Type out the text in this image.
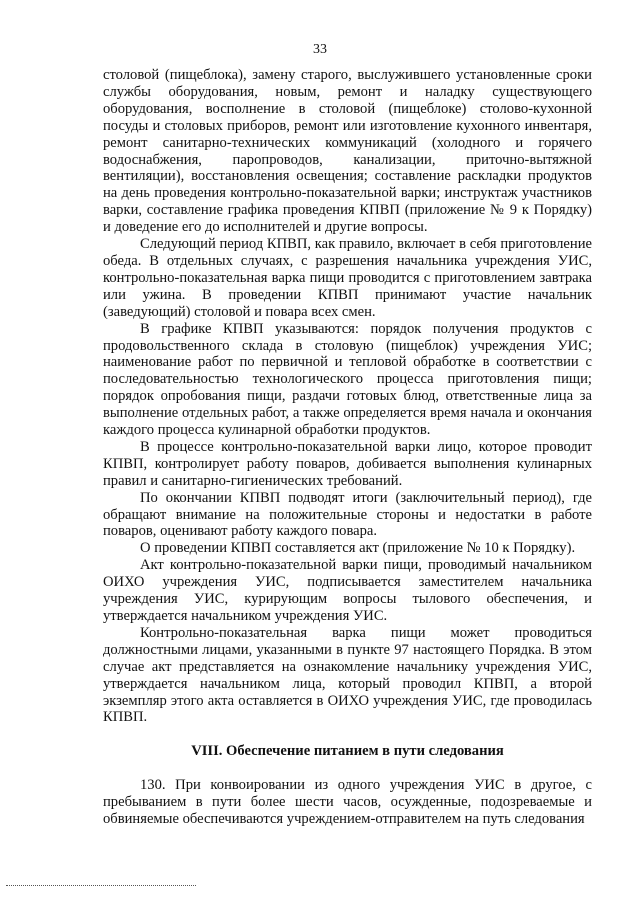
33

столовой (пищеблока), замену старого, выслужившего установленные сроки службы оборудования, новым, ремонт и наладку существующего оборудования, восполнение в столовой (пищеблоке) столово-кухонной посуды и столовых приборов, ремонт или изготовление кухонного инвентаря, ремонт санитарно-технических коммуникаций (холодного и горячего водоснабжения, паропроводов, канализации, приточно-вытяжной вентиляции), восстановления освещения; составление раскладки продуктов на день проведения контрольно-показательной варки; инструктаж участников варки, составление графика проведения КПВП (приложение № 9 к Порядку) и доведение его до исполнителей и другие вопросы.

Следующий период КПВП, как правило, включает в себя приготовление обеда. В отдельных случаях, с разрешения начальника учреждения УИС, контрольно-показательная варка пищи проводится с приготовлением завтрака или ужина. В проведении КПВП принимают участие начальник (заведующий) столовой и повара всех смен.

В графике КПВП указываются: порядок получения продуктов с продовольственного склада в столовую (пищеблок) учреждения УИС; наименование работ по первичной и тепловой обработке в соответствии с последовательностью технологического процесса приготовления пищи; порядок опробования пищи, раздачи готовых блюд, ответственные лица за выполнение отдельных работ, а также определяется время начала и окончания каждого процесса кулинарной обработки продуктов.

В процессе контрольно-показательной варки лицо, которое проводит КПВП, контролирует работу поваров, добивается выполнения кулинарных правил и санитарно-гигиенических требований.

По окончании КПВП подводят итоги (заключительный период), где обращают внимание на положительные стороны и недостатки в работе поваров, оценивают работу каждого повара.

О проведении КПВП составляется акт (приложение № 10 к Порядку).

Акт контрольно-показательной варки пищи, проводимый начальником ОИХО учреждения УИС, подписывается заместителем начальника учреждения УИС, курирующим вопросы тылового обеспечения, и утверждается начальником учреждения УИС.

Контрольно-показательная варка пищи может проводиться должностными лицами, указанными в пункте 97 настоящего Порядка. В этом случае акт представляется на ознакомление начальнику учреждения УИС, утверждается начальником лица, который проводил КПВП, а второй экземпляр этого акта оставляется в ОИХО учреждения УИС, где проводилась КПВП.

VIII. Обеспечение питанием в пути следования

130. При конвоировании из одного учреждения УИС в другое, с пребыванием в пути более шести часов, осужденные, подозреваемые и обвиняемые обеспечиваются учреждением-отправителем на путь следования
